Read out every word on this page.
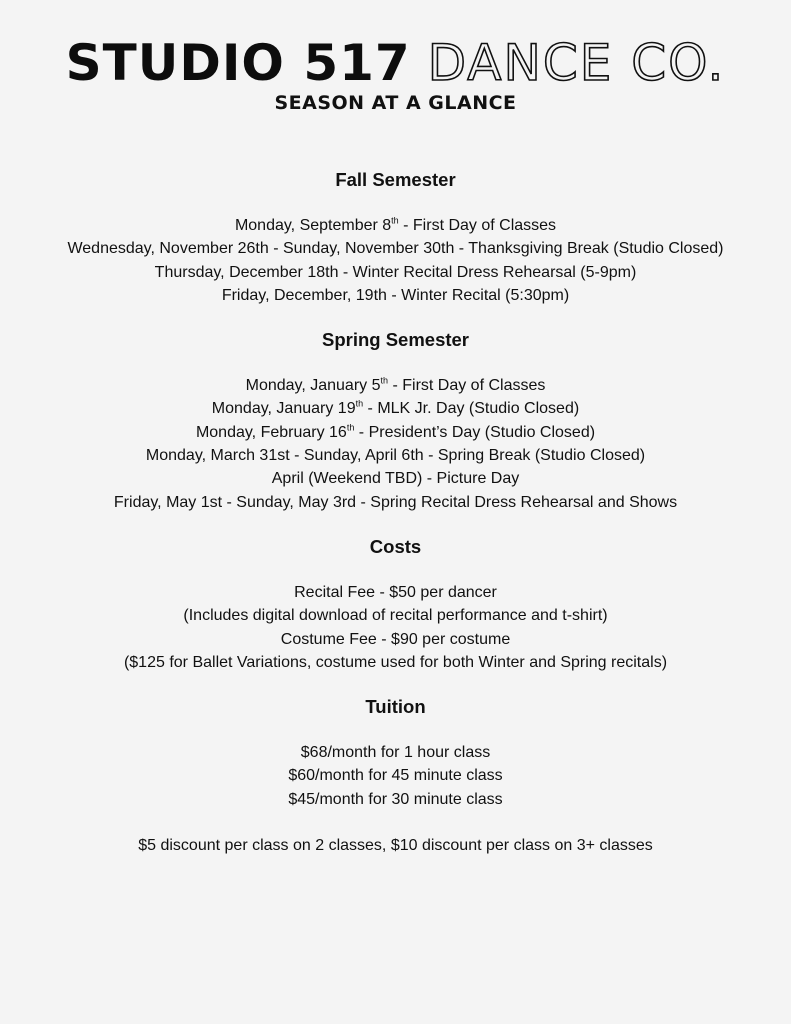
STUDIO 517 DANCE CO.
SEASON AT A GLANCE
Fall Semester
Monday, September 8th - First Day of Classes
Wednesday, November 26th - Sunday, November 30th - Thanksgiving Break (Studio Closed)
Thursday, December 18th - Winter Recital Dress Rehearsal (5-9pm)
Friday, December, 19th - Winter Recital (5:30pm)
Spring Semester
Monday, January 5th - First Day of Classes
Monday, January 19th - MLK Jr. Day (Studio Closed)
Monday, February 16th - President’s Day (Studio Closed)
Monday, March 31st - Sunday, April 6th - Spring Break (Studio Closed)
April (Weekend TBD) - Picture Day
Friday, May 1st - Sunday, May 3rd - Spring Recital Dress Rehearsal and Shows
Costs
Recital Fee - $50 per dancer
(Includes digital download of recital performance and t-shirt)
Costume Fee - $90 per costume
($125 for Ballet Variations, costume used for both Winter and Spring recitals)
Tuition
$68/month for 1 hour class
$60/month for 45 minute class
$45/month for 30 minute class
$5 discount per class on 2 classes, $10 discount per class on 3+ classes
